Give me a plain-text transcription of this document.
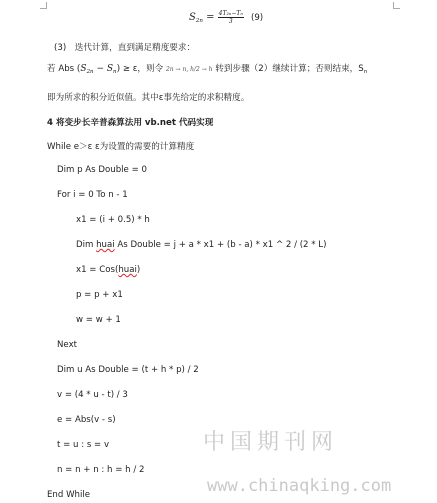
$S_{2n} = \frac{\text{4T₂ₙ−Tₙ}}{3} (9)$
(3)　迭代计算，直到满足精度要求：
若 Abs $(S_{2n} - S_n) \ge \varepsilon$，则令 2n → n, h/2 → h 转到步骤（2）继续计算；否则结束，$S_n$
即为所求的积分近似值。其中ε事先给定的求积精度。
4 将变步长辛普森算法用 vb.net 代码实现
While e＞ε ε为设置的需要的计算精度
Dim p As Double = 0
For i = 0 To n - 1
x1 = (i + 0.5) * h
Dim huai As Double = j + a * x1 + (b - a) * x1 ^ 2 / (2 * L)
x1 = Cos(huai)
p = p + x1
w = w + 1
Next
Dim u As Double = (t + h * p) / 2
v = (4 * u - t) / 3
e = Abs(v - s)
t = u : s = v
n = n + n : h = h / 2
End While
中国期刊网
www.chinaqking.com
